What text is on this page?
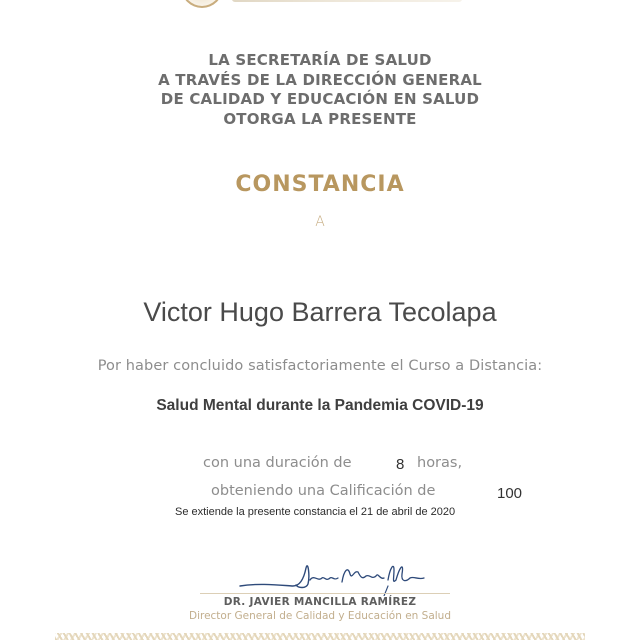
LA SECRETARÍA DE SALUD
A TRAVÉS DE LA DIRECCIÓN GENERAL
DE CALIDAD Y EDUCACIÓN EN SALUD
OTORGA LA PRESENTE
CONSTANCIA
A
Victor Hugo Barrera Tecolapa
Por haber concluido satisfactoriamente el Curso a Distancia:
Salud Mental durante la Pandemia COVID-19
con una duración de	8 horas,
obteniendo una Calificación de	100
Se extiende la presente constancia el 21 de abril de 2020
DR. JAVIER MANCILLA RAMÍREZ
Director General de Calidad y Educación en Salud
